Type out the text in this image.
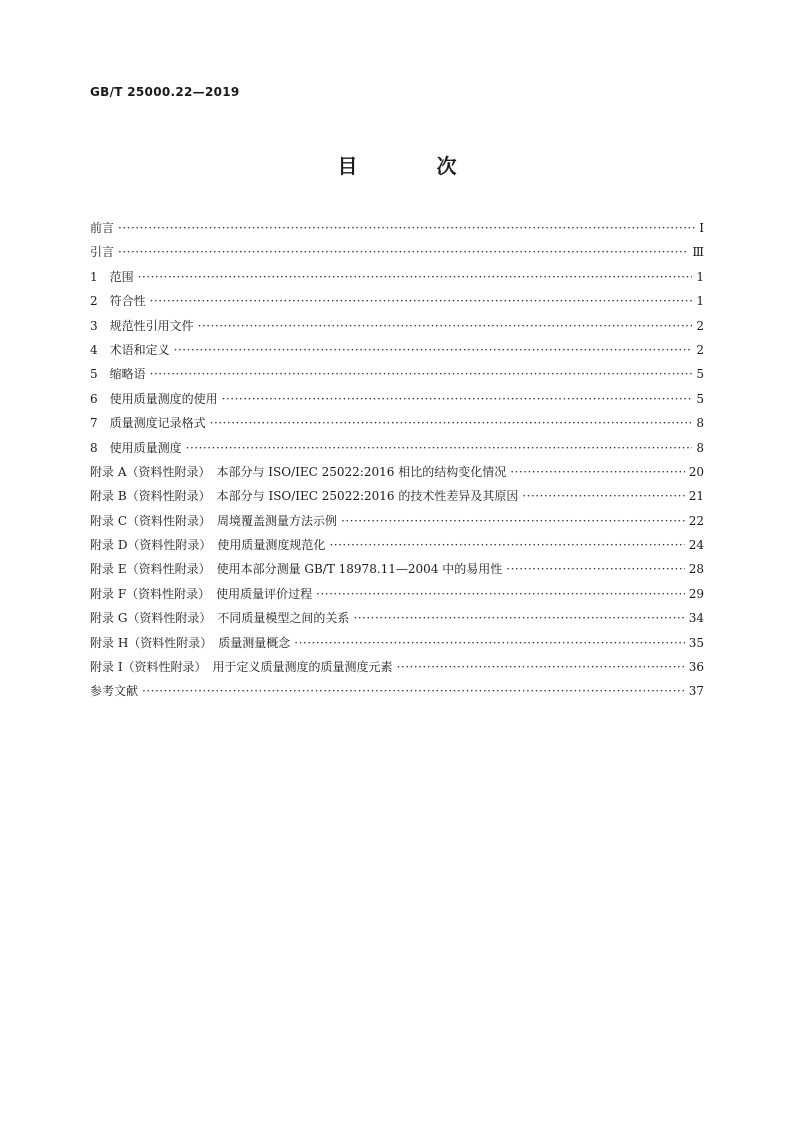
GB/T 25000.22—2019
目 次
前言 ·····	Ⅰ
引言 ·····	Ⅲ
1　范围 ·····	1
2　符合性 ·····	1
3　规范性引用文件 ·····	2
4　术语和定义 ·····	2
5　缩略语 ·····	5
6　使用质量测度的使用 ·····	5
7　质量测度记录格式 ·····	8
8　使用质量测度 ·····	8
附录 A（资料性附录）　本部分与 ISO/IEC 25022:2016 相比的结构变化情况 ·····	20
附录 B（资料性附录）　本部分与 ISO/IEC 25022:2016 的技术性差异及其原因 ·····	21
附录 C（资料性附录）　周境覆盖测量方法示例 ·····	22
附录 D（资料性附录）　使用质量测度规范化 ·····	24
附录 E（资料性附录）　使用本部分测量 GB/T 18978.11—2004 中的易用性 ·····	28
附录 F（资料性附录）　使用质量评价过程 ·····	29
附录 G（资料性附录）　不同质量模型之间的关系 ·····	34
附录 H（资料性附录）　质量测量概念 ·····	35
附录 I（资料性附录）　用于定义质量测度的质量测度元素 ·····	36
参考文献 ·····	37
